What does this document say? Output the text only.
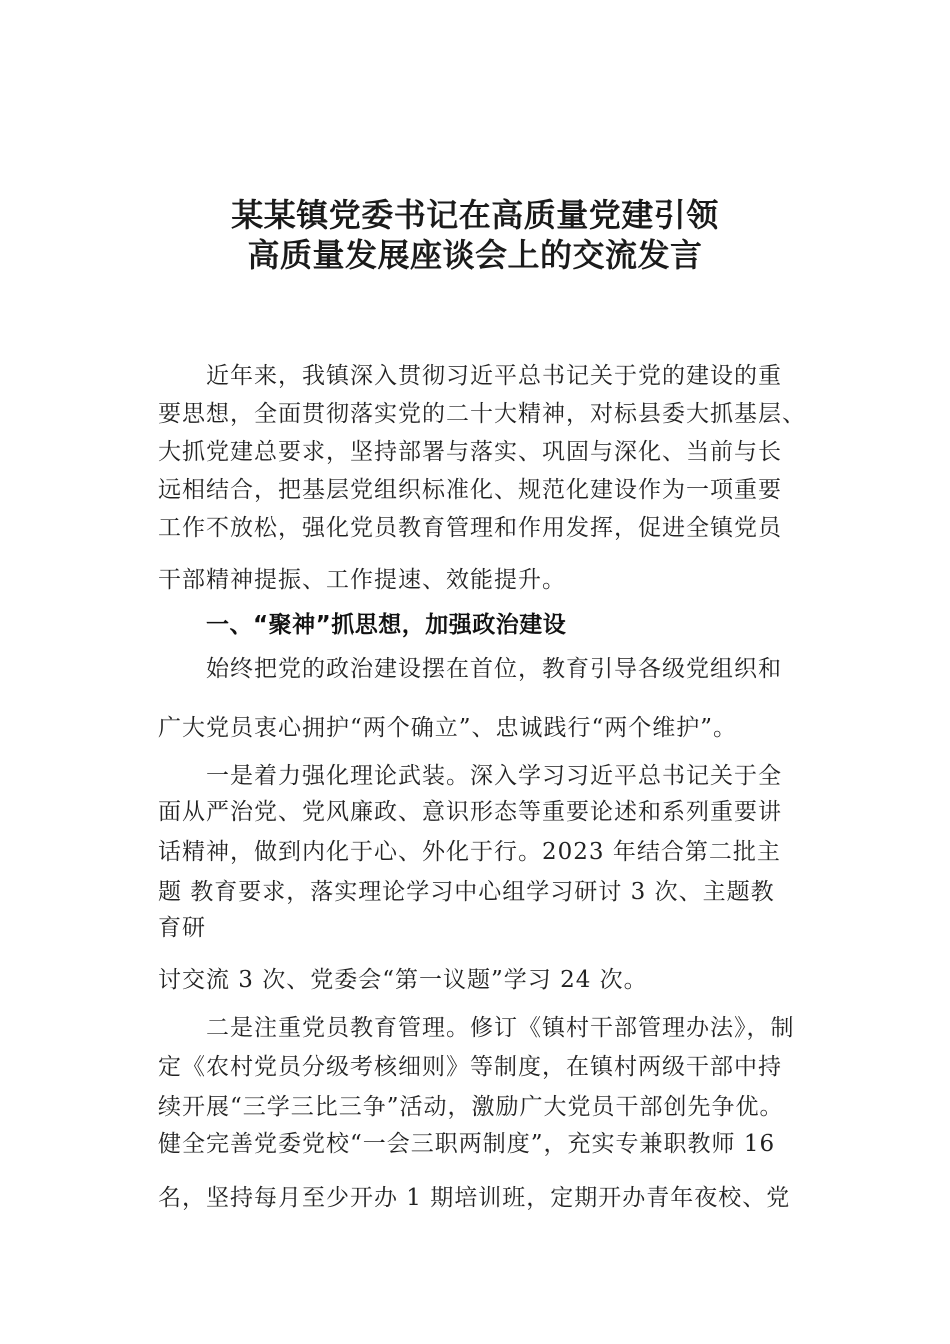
某某镇党委书记在高质量党建引领
高质量发展座谈会上的交流发言
近年来，我镇深入贯彻习近平总书记关于党的建设的重
要思想，全面贯彻落实党的二十大精神，对标县委大抓基层、
大抓党建总要求，坚持部署与落实、巩固与深化、当前与长
远相结合，把基层党组织标准化、规范化建设作为一项重要
工作不放松，强化党员教育管理和作用发挥，促进全镇党员
干部精神提振、工作提速、效能提升。
一、“聚神”抓思想，加强政治建设
始终把党的政治建设摆在首位，教育引导各级党组织和
广大党员衷心拥护“两个确立”、忠诚践行“两个维护”。
一是着力强化理论武装。深入学习习近平总书记关于全
面从严治党、党风廉政、意识形态等重要论述和系列重要讲
话精神，做到内化于心、外化于行。2023 年结合第二批主
题 教育要求，落实理论学习中心组学习研讨 3 次、主题教
育研
讨交流 3 次、党委会“第一议题”学习 24 次。
二是注重党员教育管理。修订《镇村干部管理办法》，制
定《农村党员分级考核细则》等制度，在镇村两级干部中持
续开展“三学三比三争”活动，激励广大党员干部创先争优。
健全完善党委党校“一会三职两制度”，充实专兼职教师 16
名，坚持每月至少开办 1 期培训班，定期开办青年夜校、党
